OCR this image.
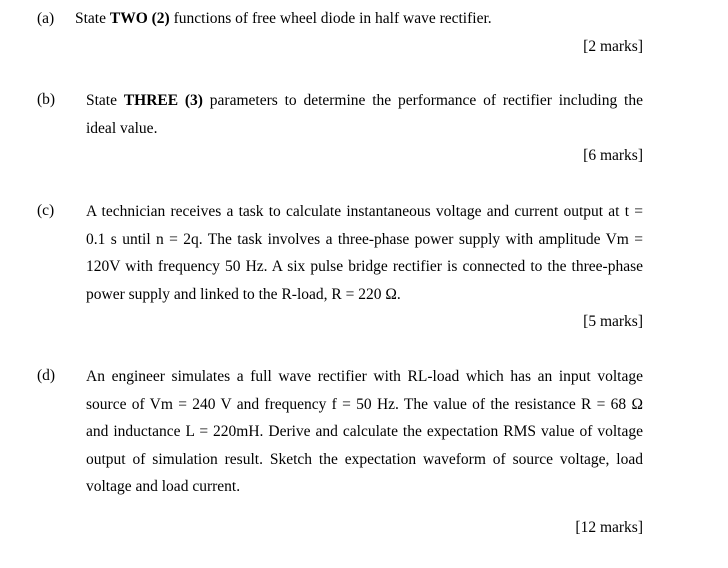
(a) State TWO (2) functions of free wheel diode in half wave rectifier.
[2 marks]
(b) State THREE (3) parameters to determine the performance of rectifier including the
ideal value.
[6 marks]
(c) A technician receives a task to calculate instantaneous voltage and current output at t =
0.1 s until n = 2q. The task involves a three-phase power supply with amplitude Vm =
120V with frequency 50 Hz. A six pulse bridge rectifier is connected to the three-phase
power supply and linked to the R-load, R = 220 Ω.
[5 marks]
(d) An engineer simulates a full wave rectifier with RL-load which has an input voltage
source of Vm = 240 V and frequency f = 50 Hz. The value of the resistance R = 68 Ω
and inductance L = 220mH. Derive and calculate the expectation RMS value of voltage
output of simulation result. Sketch the expectation waveform of source voltage, load
voltage and load current.
[12 marks]
